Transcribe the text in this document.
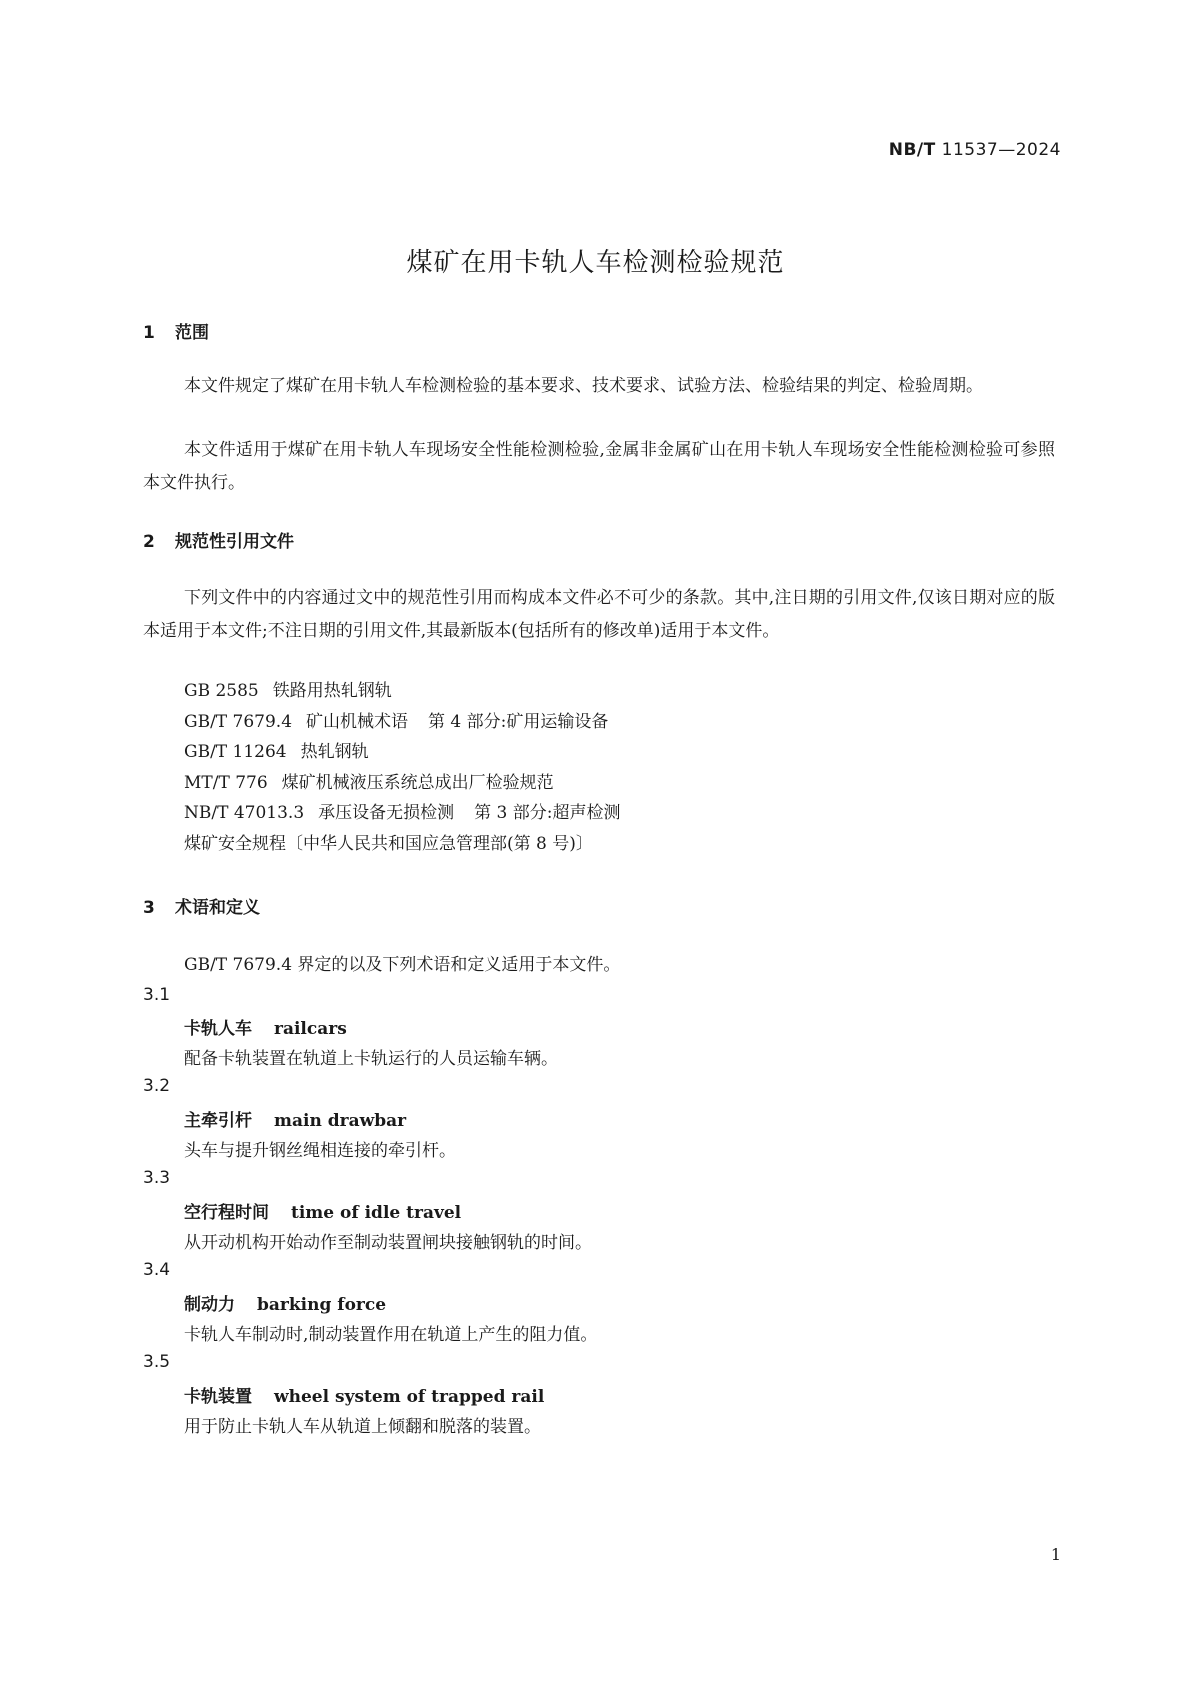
NB/T 11537—2024
煤矿在用卡轨人车检测检验规范
1 范围
本文件规定了煤矿在用卡轨人车检测检验的基本要求、技术要求、试验方法、检验结果的判定、检验周期。
本文件适用于煤矿在用卡轨人车现场安全性能检测检验,金属非金属矿山在用卡轨人车现场安全性能检测检验可参照本文件执行。
2 规范性引用文件
下列文件中的内容通过文中的规范性引用而构成本文件必不可少的条款。其中,注日期的引用文件,仅该日期对应的版本适用于本文件;不注日期的引用文件,其最新版本(包括所有的修改单)适用于本文件。
GB 2585 铁路用热轧钢轨
GB/T 7679.4 矿山机械术语 第 4 部分:矿用运输设备
GB/T 11264 热轧钢轨
MT/T 776 煤矿机械液压系统总成出厂检验规范
NB/T 47013.3 承压设备无损检测 第 3 部分:超声检测
煤矿安全规程〔中华人民共和国应急管理部(第 8 号)〕
3 术语和定义
GB/T 7679.4 界定的以及下列术语和定义适用于本文件。
3.1
卡轨人车 railcars
配备卡轨装置在轨道上卡轨运行的人员运输车辆。
3.2
主牵引杆 main drawbar
头车与提升钢丝绳相连接的牵引杆。
3.3
空行程时间 time of idle travel
从开动机构开始动作至制动装置闸块接触钢轨的时间。
3.4
制动力 barking force
卡轨人车制动时,制动装置作用在轨道上产生的阻力值。
3.5
卡轨装置 wheel system of trapped rail
用于防止卡轨人车从轨道上倾翻和脱落的装置。
1
